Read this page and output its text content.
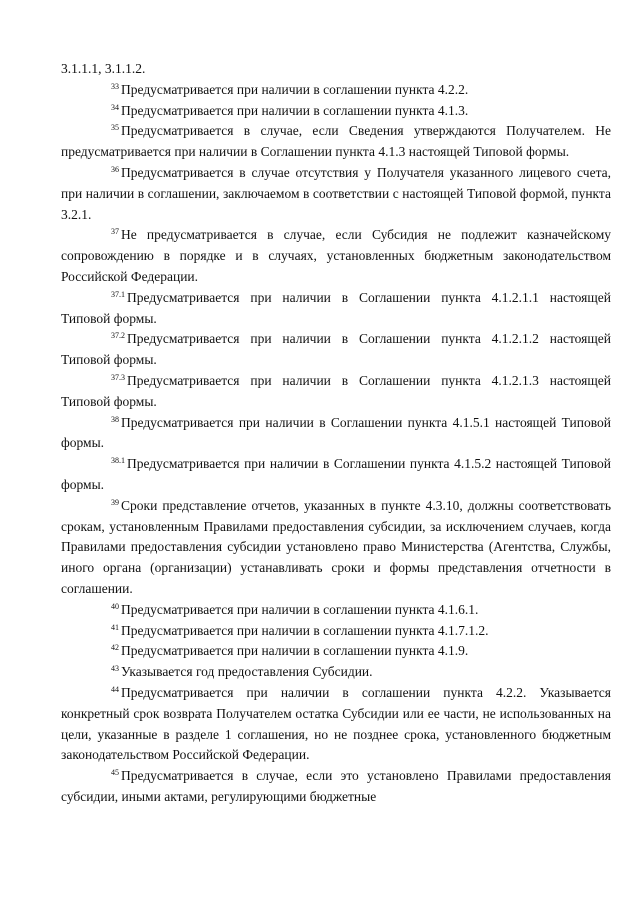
3.1.1.1, 3.1.1.2.

$^{33}$ Предусматривается при наличии в соглашении пункта 4.2.2.

$^{34}$ Предусматривается при наличии в соглашении пункта 4.1.3.

$^{35}$ Предусматривается в случае, если Сведения утверждаются Получателем. Не предусматривается при наличии в Соглашении пункта 4.1.3 настоящей Типовой формы.

$^{36}$ Предусматривается в случае отсутствия у Получателя указанного лицевого счета, при наличии в соглашении, заключаемом в соответствии с настоящей Типовой формой, пункта 3.2.1.

$^{37}$ Не предусматривается в случае, если Субсидия не подлежит казначейскому сопровождению в порядке и в случаях, установленных бюджетным законодательством Российской Федерации.

$^{37.1}$ Предусматривается при наличии в Соглашении пункта 4.1.2.1.1 настоящей Типовой формы.

$^{37.2}$ Предусматривается при наличии в Соглашении пункта 4.1.2.1.2 настоящей Типовой формы.

$^{37.3}$ Предусматривается при наличии в Соглашении пункта 4.1.2.1.3 настоящей Типовой формы.

$^{38}$ Предусматривается при наличии в Соглашении пункта 4.1.5.1 настоящей Типовой формы.

$^{38.1}$ Предусматривается при наличии в Соглашении пункта 4.1.5.2 настоящей Типовой формы.

$^{39}$ Сроки представление отчетов, указанных в пункте 4.3.10, должны соответствовать срокам, установленным Правилами предоставления субсидии, за исключением случаев, когда Правилами предоставления субсидии установлено право Министерства (Агентства, Службы, иного органа (организации) устанавливать сроки и формы представления отчетности в соглашении.

$^{40}$ Предусматривается при наличии в соглашении пункта 4.1.6.1.

$^{41}$ Предусматривается при наличии в соглашении пункта 4.1.7.1.2.

$^{42}$ Предусматривается при наличии в соглашении пункта 4.1.9.

$^{43}$ Указывается год предоставления Субсидии.

$^{44}$ Предусматривается при наличии в соглашении пункта 4.2.2. Указывается конкретный срок возврата Получателем остатка Субсидии или ее части, не использованных на цели, указанные в разделе 1 соглашения, но не позднее срока, установленного бюджетным законодательством Российской Федерации.

$^{45}$ Предусматривается в случае, если это установлено Правилами предоставления субсидии, иными актами, регулирующими бюджетные
